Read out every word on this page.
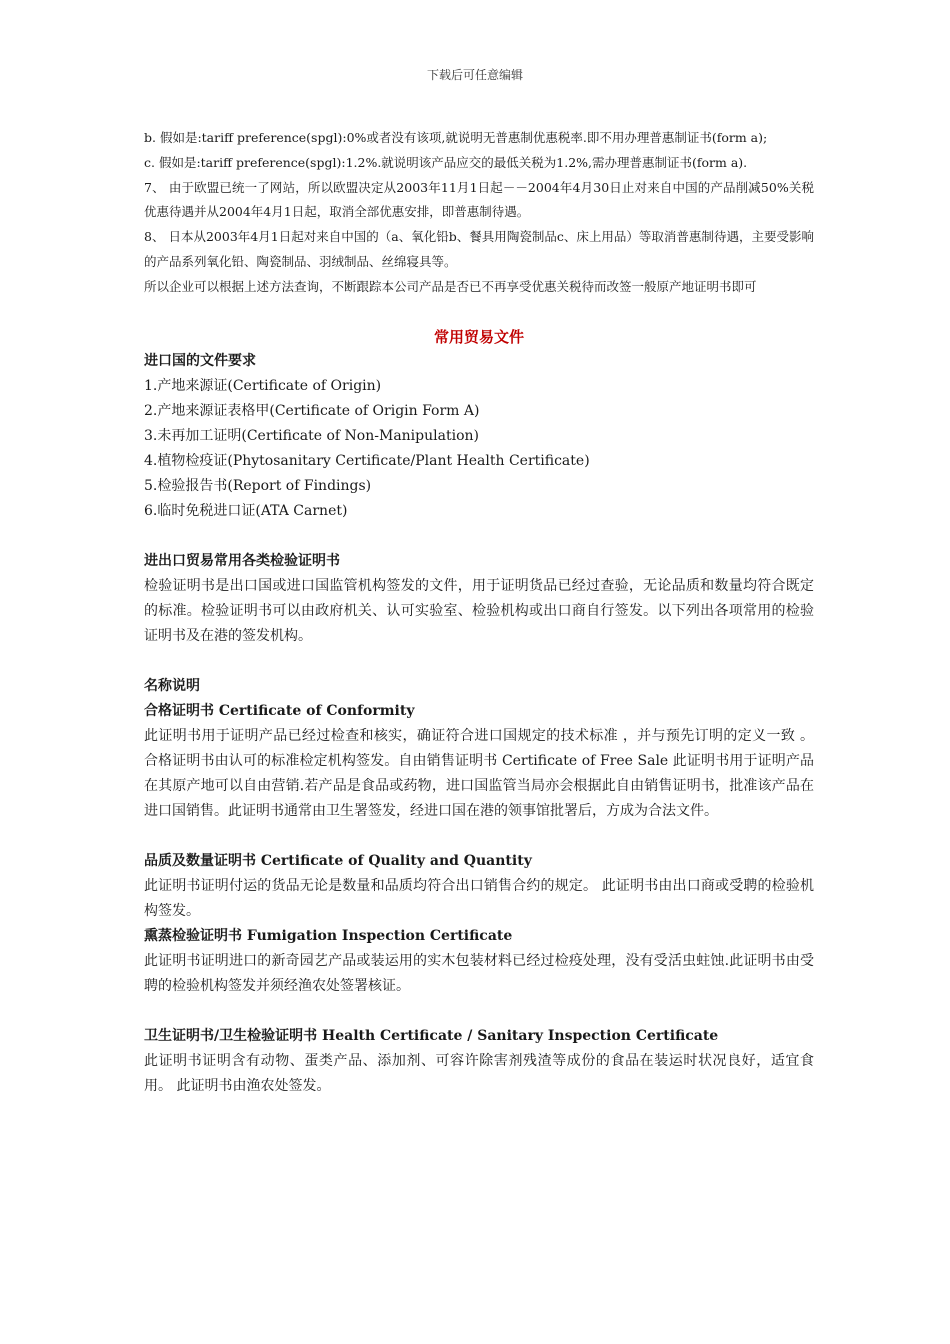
下载后可任意编辑

b. 假如是:tariff preference(spgl):0%或者没有该项,就说明无普惠制优惠税率.即不用办理普惠制证书(form a);

c. 假如是:tariff preference(spgl):1.2%.就说明该产品应交的最低关税为1.2%,需办理普惠制证书(form a).

7、 由于欧盟已统一了网站，所以欧盟决定从2003年11月1日起－－2004年4月30日止对来自中国的产品削减50%关税优惠待遇并从2004年4月1日起，取消全部优惠安排，即普惠制待遇。

8、 日本从2003年4月1日起对来自中国的（a、氧化铅b、餐具用陶瓷制品c、床上用品）等取消普惠制待遇，主要受影响的产品系列氧化铅、陶瓷制品、羽绒制品、丝绵寝具等。

所以企业可以根据上述方法查询，不断跟踪本公司产品是否已不再享受优惠关税待而改签一般原产地证明书即可

常用贸易文件

进口国的文件要求

1.产地来源证(Certificate of Origin)
2.产地来源证表格甲(Certificate of Origin Form A)
3.未再加工证明(Certificate of Non-Manipulation)
4.植物检疫证(Phytosanitary Certificate/Plant Health Certificate)
5.检验报告书(Report of Findings)
6.临时免税进口证(ATA Carnet)

进出口贸易常用各类检验证明书

检验证明书是出口国或进口国监管机构签发的文件，用于证明货品已经过查验，无论品质和数量均符合既定的标准。检验证明书可以由政府机关、认可实验室、检验机构或出口商自行签发。以下列出各项常用的检验证明书及在港的签发机构。

名称说明

合格证明书 Certificate of Conformity

此证明书用于证明产品已经过检查和核实，确证符合进口国规定的技术标准 ，并与预先订明的定义一致 。 合格证明书由认可的标准检定机构签发。自由销售证明书 Certificate of Free Sale 此证明书用于证明产品在其原产地可以自由营销.若产品是食品或药物，进口国监管当局亦会根据此自由销售证明书，批准该产品在进口国销售。此证明书通常由卫生署签发，经进口国在港的领事馆批署后，方成为合法文件。

品质及数量证明书 Certificate of Quality and Quantity

此证明书证明付运的货品无论是数量和品质均符合出口销售合约的规定。 此证明书由出口商或受聘的检验机构签发。

熏蒸检验证明书 Fumigation Inspection Certificate

此证明书证明进口的新奇园艺产品或装运用的实木包装材料已经过检疫处理，没有受活虫蛀蚀.此证明书由受聘的检验机构签发并须经渔农处签署核证。

卫生证明书/卫生检验证明书 Health Certificate / Sanitary Inspection Certificate

此证明书证明含有动物、蛋类产品、添加剂、可容许除害剂残渣等成份的食品在装运时状况良好，适宜食用。 此证明书由渔农处签发。
